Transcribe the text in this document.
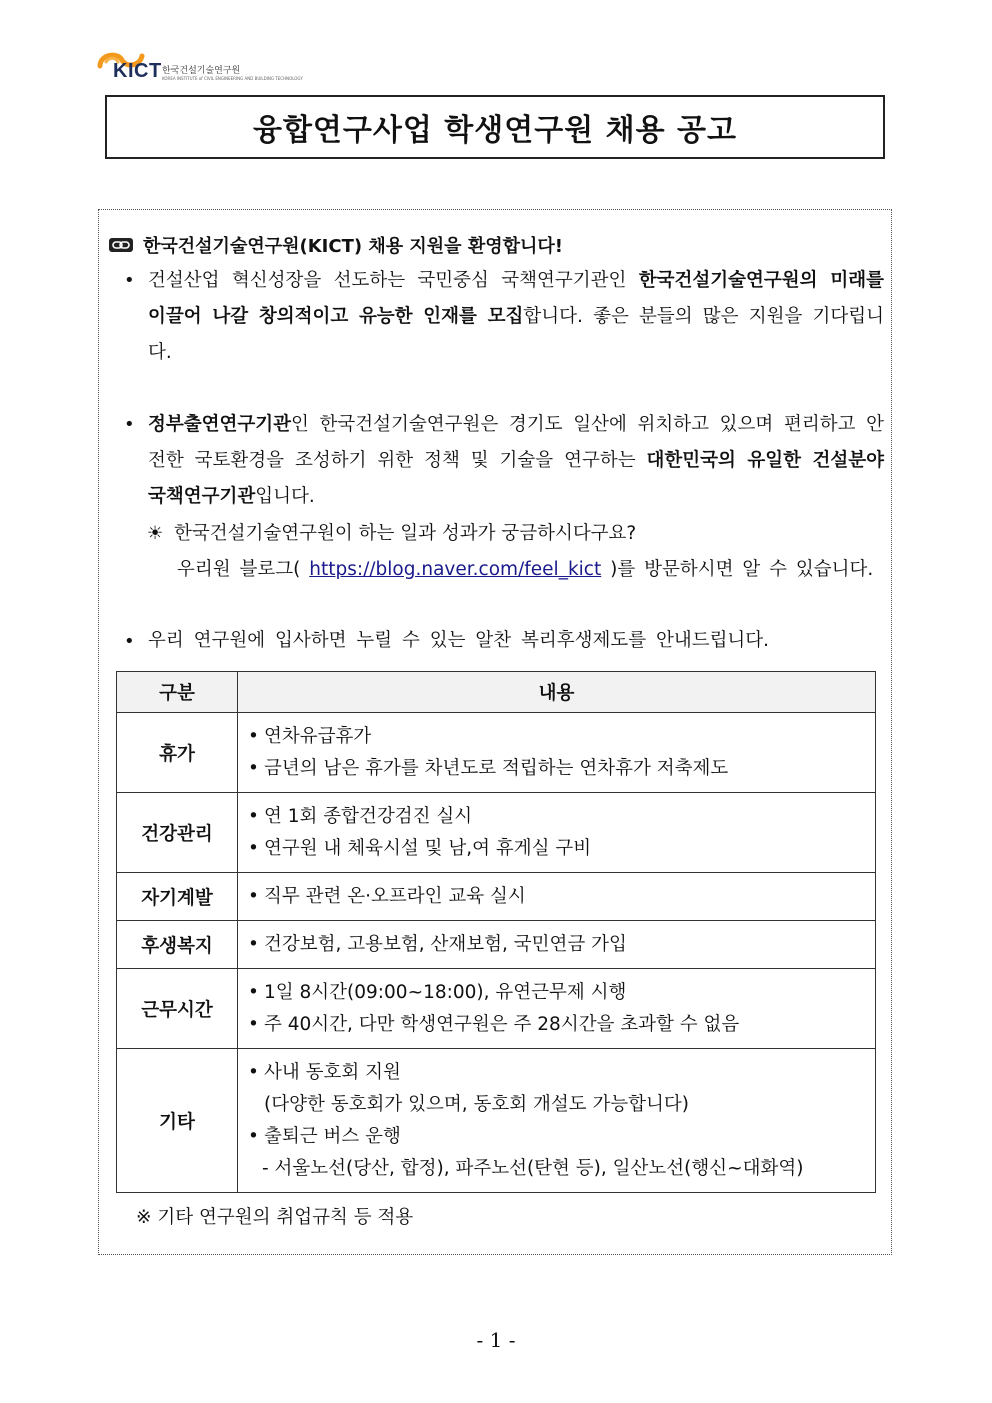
KICT 한국건설기술연구원
KOREA INSTITUTE of CIVIL ENGINEERING AND BUILDING TECHNOLOGY
융합연구사업 학생연구원 채용 공고
한국건설기술연구원(KICT) 채용 지원을 환영합니다!
• 건설산업 혁신성장을 선도하는 국민중심 국책연구기관인 한국건설기술연구원의 미래를 이끌어 나갈 창의적이고 유능한 인재를 모집합니다. 좋은 분들의 많은 지원을 기다립니다.
• 정부출연연구기관인 한국건설기술연구원은 경기도 일산에 위치하고 있으며 편리하고 안전한 국토환경을 조성하기 위한 정책 및 기술을 연구하는 대한민국의 유일한 건설분야 국책연구기관입니다.
☀ 한국건설기술연구원이 하는 일과 성과가 궁금하시다구요?
우리원 블로그( https://blog.naver.com/feel_kict )를 방문하시면 알 수 있습니다.
• 우리 연구원에 입사하면 누릴 수 있는 알찬 복리후생제도를 안내드립니다.
구분	내용
휴가	• 연차유급휴가
• 금년의 남은 휴가를 차년도로 적립하는 연차휴가 저축제도

건강관리	• 연 1회 종합건강검진 실시
• 연구원 내 체육시설 및 남,여 휴게실 구비

자기계발	• 직무 관련 온·오프라인 교육 실시

후생복지	• 건강보험, 고용보험, 산재보험, 국민연금 가입

근무시간	• 1일 8시간(09:00~18:00), 유연근무제 시행
• 주 40시간, 다만 학생연구원은 주 28시간을 초과할 수 없음

기타	• 사내 동호회 지원
(다양한 동호회가 있으며, 동호회 개설도 가능합니다)
• 출퇴근 버스 운행
- 서울노선(당산, 합정), 파주노선(탄현 등), 일산노선(행신~대화역)
※ 기타 연구원의 취업규칙 등 적용
- 1 -
